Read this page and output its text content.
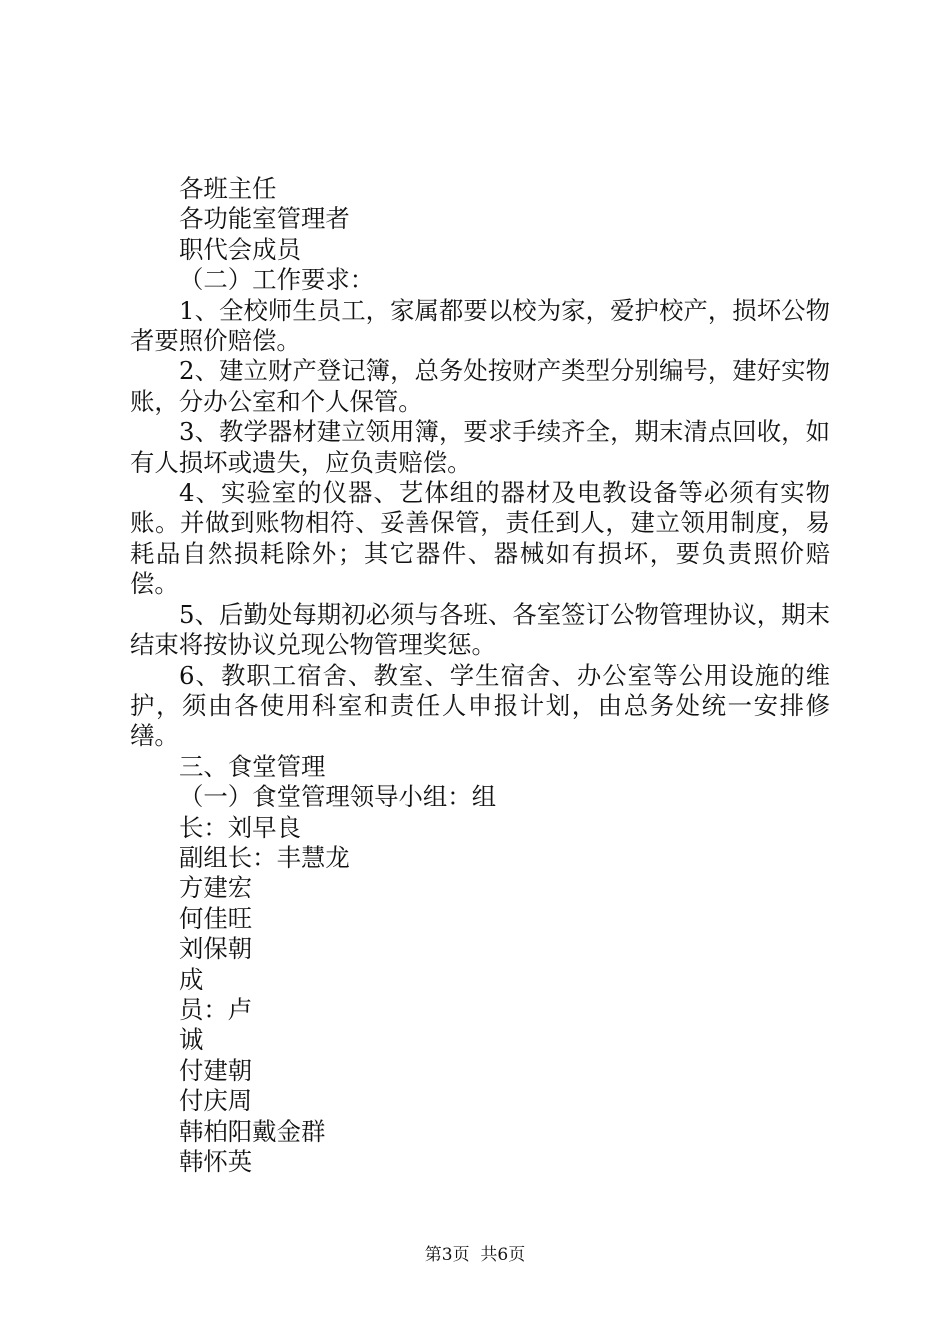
各班主任

各功能室管理者

职代会成员

（二）工作要求：

1、全校师生员工，家属都要以校为家，爱护校产，损坏公物者要照价赔偿。

2、建立财产登记簿，总务处按财产类型分别编号，建好实物账，分办公室和个人保管。

3、教学器材建立领用簿，要求手续齐全，期末清点回收，如有人损坏或遗失，应负责赔偿。

4、实验室的仪器、艺体组的器材及电教设备等必须有实物账。并做到账物相符、妥善保管，责任到人，建立领用制度，易耗品自然损耗除外；其它器件、器械如有损坏，要负责照价赔偿。

5、后勤处每期初必须与各班、各室签订公物管理协议，期末结束将按协议兑现公物管理奖惩。

6、教职工宿舍、教室、学生宿舍、办公室等公用设施的维护，须由各使用科室和责任人申报计划，由总务处统一安排修缮。

三、食堂管理

（一）食堂管理领导小组：组

长：刘早良

副组长：丰慧龙

方建宏

何佳旺

刘保朝

成

员：卢

诚

付建朝

付庆周

韩柏阳戴金群

韩怀英

第3页  共6页
